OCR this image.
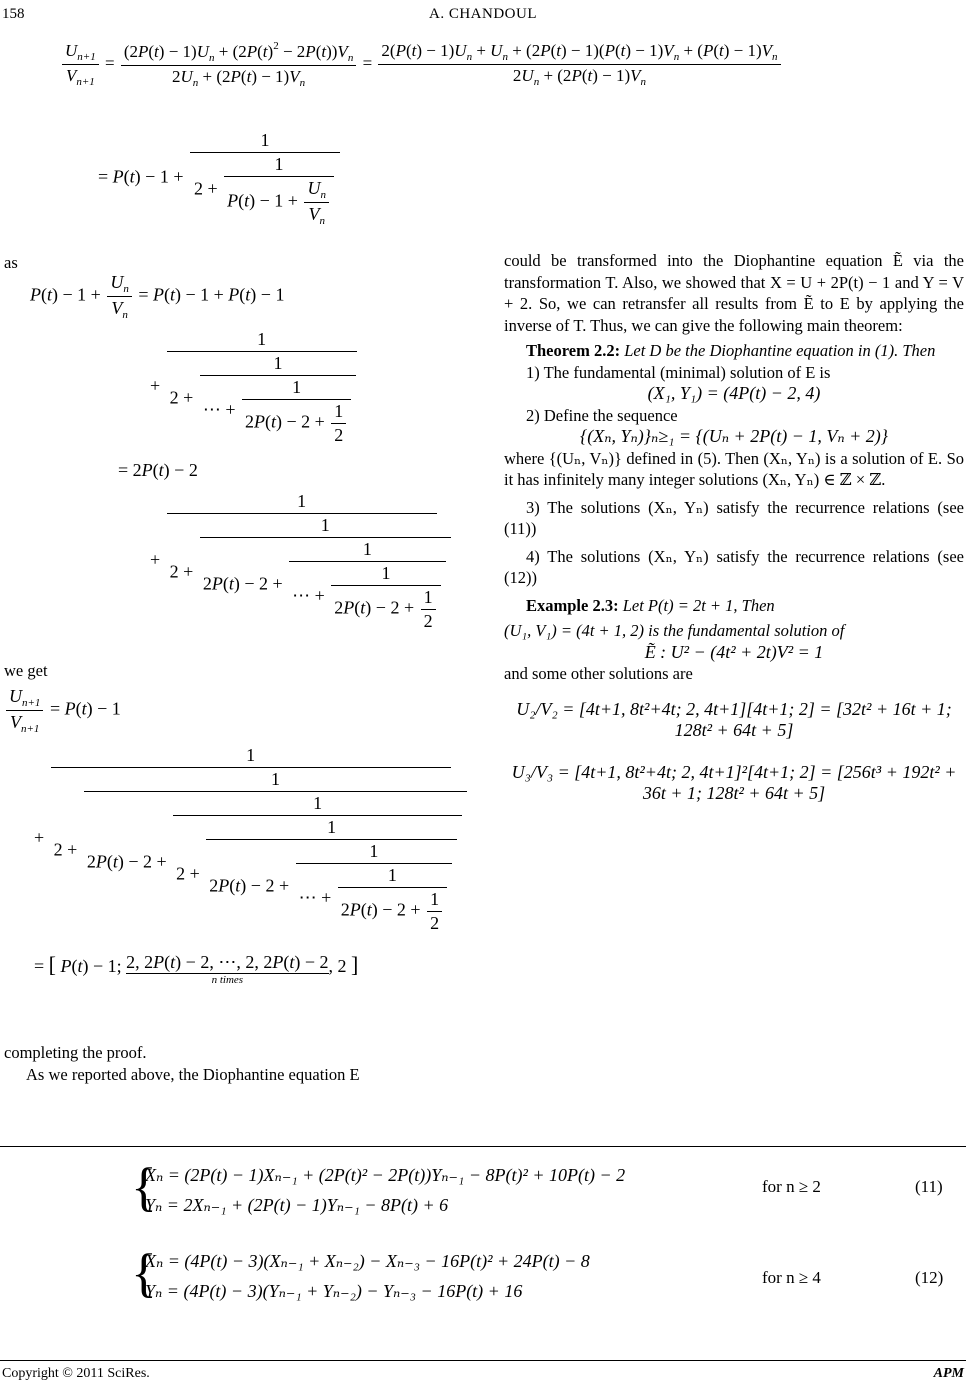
158	A. CHANDOUL
$\frac{U_{n+1}}{V_{n+1}} = \frac{(2P(t) - 1)U_n + (2P(t)^2 - 2P(t))V_n}{2U_n + (2P(t) - 1)V_n} = \frac{2(P(t) - 1)U_n + U_n + (2P(t) - 1)(P(t) - 1)V_n + (P(t) - 1)V_n}{2U_n + (2P(t) - 1)V_n}$
= P(t) − 1 +
1
2 +
1
$P(t) - 1 + \frac{U_n}{V_n}$
as
$P(t) - 1 + \frac{U_n}{V_n} = P(t) - 1 + P(t) - 1$
+ $\frac{1}{2 + \frac{1}{\cdots + \frac{1}{2P(t) - 2 + \frac{1}{2}}}}$
= 2P(t) − 2
+ $\frac{1}{2 + \frac{1}{2P(t) - 2 + \frac{1}{\cdots + \frac{1}{2P(t) - 2 + \frac{1}{2}}}}}$
we get
$\frac{U_{n+1}}{V_{n+1}} = P(t) - 1$
+ $\frac{1}{2 + \frac{1}{2P(t) - 2 + \frac{1}{2 + \frac{1}{2P(t) - 2 + \frac{1}{\cdots + \frac{1}{2P(t) - 2 + \frac{1}{2}}}}}}}$
= [ P(t) − 1; 2, 2P(t) − 2, ⋯, 2, 2P(t) − 2
n times
, 2 ]

completing the proof.

As we reported above, the Diophantine equation E

could be transformed into the Diophantine equation Ẽ via the transformation T. Also, we showed that X = U + 2P(t) − 1 and Y = V + 2. So, we can retransfer all results from Ẽ to E by applying the inverse of T. Thus, we can give the following main theorem:

Theorem 2.2: Let D be the Diophantine equation in (1). Then

1) The fundamental (minimal) solution of E is

(X₁, Y₁) = (4P(t) − 2, 4)

2) Define the sequence

{(Xₙ, Yₙ)}ₙ≥₁ = {(Uₙ + 2P(t) − 1, Vₙ + 2)}

where {(Uₙ, Vₙ)} defined in (5). Then (Xₙ, Yₙ) is a solution of E. So it has infinitely many integer solutions (Xₙ, Yₙ) ∈ ℤ × ℤ.

3) The solutions (Xₙ, Yₙ) satisfy the recurrence relations (see (11))

4) The solutions (Xₙ, Yₙ) satisfy the recurrence relations (see (12))

Example 2.3: Let P(t) = 2t + 1, Then

(U₁, V₁) = (4t + 1, 2) is the fundamental solution of

Ẽ : U² − (4t² + 2t)V² = 1

and some other solutions are

U₂/V₂ = [4t+1, 8t²+4t; 2, 4t+1][4t+1; 2] = [32t² + 16t + 1; 128t² + 64t + 5]

U₃/V₃ = [4t+1, 8t²+4t; 2, 4t+1]²[4t+1; 2] = [256t³ + 192t² + 36t + 1; 128t² + 64t + 5]

{
Xₙ = (2P(t) − 1)Xₙ₋₁ + (2P(t)² − 2P(t))Yₙ₋₁ − 8P(t)² + 10P(t) − 2
Yₙ = 2Xₙ₋₁ + (2P(t) − 1)Yₙ₋₁ − 8P(t) + 6
for n ≥ 2	(11)
{
Xₙ = (4P(t) − 3)(Xₙ₋₁ + Xₙ₋₂) − Xₙ₋₃ − 16P(t)² + 24P(t) − 8
Yₙ = (4P(t) − 3)(Yₙ₋₁ + Yₙ₋₂) − Yₙ₋₃ − 16P(t) + 16
for n ≥ 4	(12)
Copyright © 2011 SciRes.	APM
